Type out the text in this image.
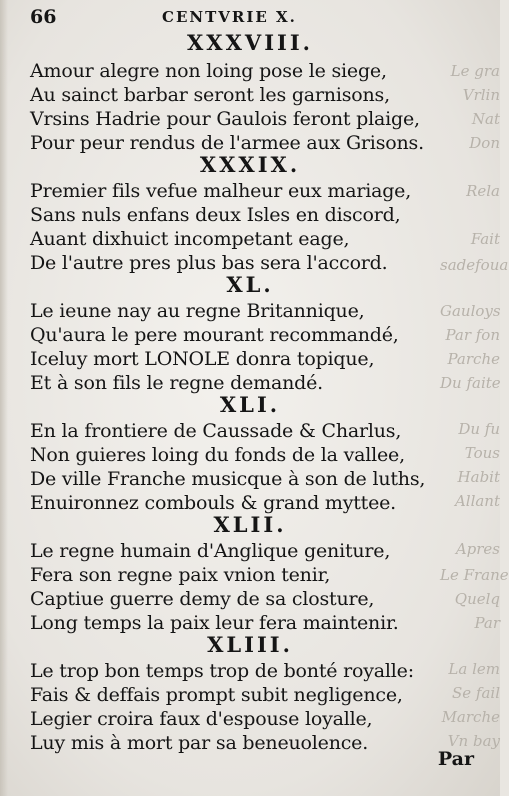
66	CENTVRIE X.
Le gra
Vrlin
Nat
Don
Rela
Fait
sadefoua
Gauloys
Par fon
Parche
Du faite
Du fu
Tous
Habit
Allant
Apres
Le Frane
Quelq
Par
La lem
Se fail
Marche
Vn bay
XXXVIII.
Amour alegre non loing pose le siege,
Au sainct barbar seront les garnisons,
Vrsins Hadrie pour Gaulois feront plaige,
Pour peur rendus de l'armee aux Grisons.
XXXIX.
Premier fils vefue malheur eux mariage,
Sans nuls enfans deux Isles en discord,
Auant dixhuict incompetant eage,
De l'autre pres plus bas sera l'accord.
XL.
Le ieune nay au regne Britannique,
Qu'aura le pere mourant recommandé,
Iceluy mort LONOLE donra topique,
Et à son fils le regne demandé.
XLI.
En la frontiere de Caussade & Charlus,
Non guieres loing du fonds de la vallee,
De ville Franche musicque à son de luths,
Enuironnez combouls & grand myttee.
XLII.
Le regne humain d'Anglique geniture,
Fera son regne paix vnion tenir,
Captiue guerre demy de sa closture,
Long temps la paix leur fera maintenir.
XLIII.
Le trop bon temps trop de bonté royalle:
Fais & deffais prompt subit negligence,
Legier croira faux d'espouse loyalle,
Luy mis à mort par sa beneuolence.
Par
